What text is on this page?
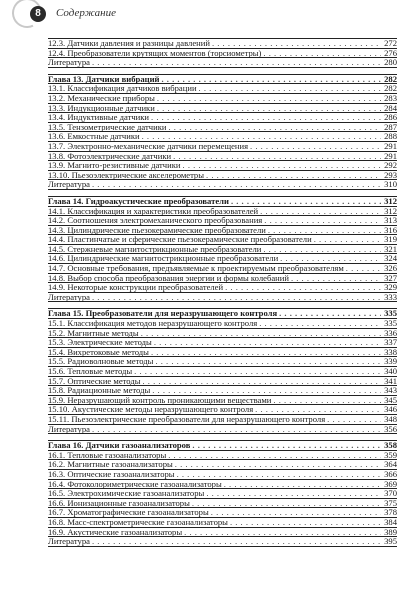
8	Содержание
12.3. Датчики давления и разницы давлений . . .	272
12.4. Преобразователи крутящих моментов (торсиометры) . . .	276
Литература . . .	280
Глава 13. Датчики вибраций . . .	282
13.1. Классификация датчиков вибрации . . .	282
13.2. Механические приборы . . .	283
13.3. Индукционные датчики . . .	284
13.4. Индуктивные датчики . . .	286
13.5. Тензометрические датчики . . .	287
13.6. Емкостные датчики . . .	288
13.7. Электронно-механические датчики перемещения . . .	291
13.8. Фотоэлектрические датчики . . .	291
13.9. Магнито-резистивные датчики . . .	292
13.10. Пьезоэлектрические акселерометры . . .	293
Литература . . .	310
Глава 14. Гидроакустические преобразователи . . .	312
14.1. Классификация и характеристики преобразователей . . .	312
14.2. Соотношения электромеханического преобразования . . .	313
14.3. Цилиндрические пьезокерамические преобразователи . . .	316
14.4. Пластинчатые и сферические пьезокерамические преобразователи . . .	319
14.5. Стержневые магнитострикционные преобразователи . . .	321
14.6. Цилиндрические магнитострикционные преобразователи . . .	324
14.7. Основные требования, предъявляемые к проектируемым преобразователям . . .	326
14.8. Выбор способа преобразования энергии и формы колебаний . . .	327
14.9. Некоторые конструкции преобразователей . . .	329
Литература . . .	333
Глава 15. Преобразователи для неразрушающего контроля . . .	335
15.1. Классификация методов неразрушающего контроля . . .	335
15.2. Магнитные методы . . .	336
15.3. Электрические методы . . .	337
15.4. Вихретоковые методы . . .	338
15.5. Радиоволновые методы . . .	339
15.6. Тепловые методы . . .	340
15.7. Оптические методы . . .	341
15.8. Радиационные методы . . .	343
15.9. Неразрушающий контроль проникающими веществами . . .	345
15.10. Акустические методы неразрушающего контроля . . .	346
15.11. Пьезоэлектрические преобразователи для неразрушающего контроля . . .	348
Литература . . .	356
Глава 16. Датчики газоанализаторов . . .	358
16.1. Тепловые газоанализаторы . . .	359
16.2. Магнитные газоанализаторы . . .	364
16.3. Оптические газоанализаторы . . .	366
16.4. Фотоколориметрические газоанализаторы . . .	369
16.5. Электрохимические газоанализаторы . . .	370
16.6. Ионизационные газоанализаторы . . .	375
16.7. Хроматографические газоанализаторы . . .	378
16.8. Масс-спектрометрические газоанализаторы . . .	384
16.9. Акустические газоанализаторы . . .	389
Литература . . .	395
